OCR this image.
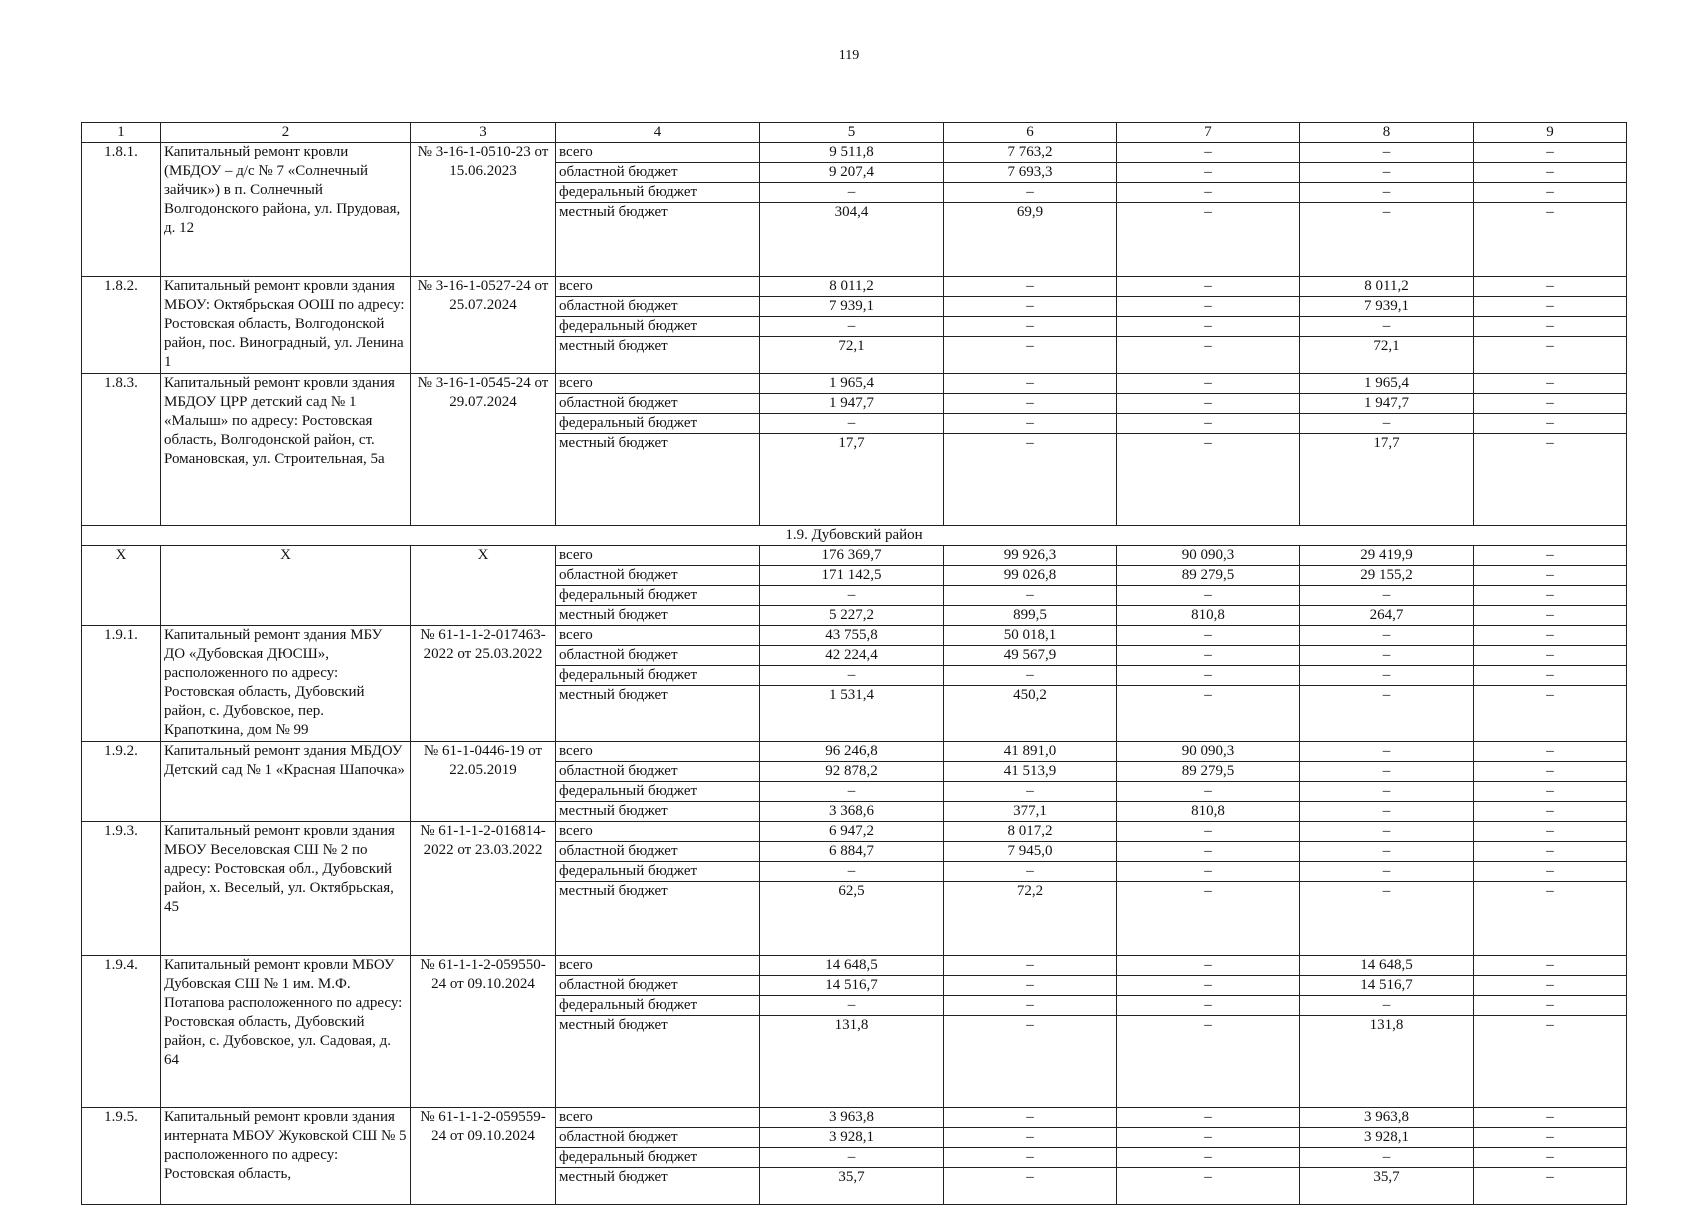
119
1	2	3	4	5	6	7	8	9
1.8.1.	Капитальный ремонт кровли (МБДОУ – д/с № 7 «Солнечный зайчик») в п. Солнечный Волгодонского района, ул. Прудовая, д. 12	№ 3-16-1-0510-23 от 15.06.2023	всего	9 511,8	7 763,2	–	–	–
			областной бюджет	9 207,4	7 693,3	–	–	–
			федеральный бюджет	–	–	–	–	–
			местный бюджет	304,4	69,9	–	–	–
1.8.2.	Капитальный ремонт кровли здания МБОУ: Октябрьская ООШ по адресу: Ростовская область, Волгодонской район, пос. Виноградный, ул. Ленина 1	№ 3-16-1-0527-24 от 25.07.2024	всего	8 011,2	–	–	8 011,2	–
			областной бюджет	7 939,1	–	–	7 939,1	–
			федеральный бюджет	–	–	–	–	–
			местный бюджет	72,1	–	–	72,1	–
1.8.3.	Капитальный ремонт кровли здания МБДОУ ЦРР детский сад № 1 «Малыш» по адресу: Ростовская область, Волгодонской район, ст. Романовская, ул. Строительная, 5а	№ 3-16-1-0545-24 от 29.07.2024	всего	1 965,4	–	–	1 965,4	–
			областной бюджет	1 947,7	–	–	1 947,7	–
			федеральный бюджет	–	–	–	–	–
			местный бюджет	17,7	–	–	17,7	–
1.9. Дубовский район								
Х	Х	Х	всего	176 369,7	99 926,3	90 090,3	29 419,9	–
			областной бюджет	171 142,5	99 026,8	89 279,5	29 155,2	–
			федеральный бюджет	–	–	–	–	–
			местный бюджет	5 227,2	899,5	810,8	264,7	–
1.9.1.	Капитальный ремонт здания МБУ ДО «Дубовская ДЮСШ», расположенного по адресу: Ростовская область, Дубовский район, с. Дубовское, пер. Крапоткина, дом № 99	№ 61-1-1-2-017463-2022 от 25.03.2022	всего	43 755,8	50 018,1	–	–	–
			областной бюджет	42 224,4	49 567,9	–	–	–
			федеральный бюджет	–	–	–	–	–
			местный бюджет	1 531,4	450,2	–	–	–
1.9.2.	Капитальный ремонт здания МБДОУ Детский сад № 1 «Красная Шапочка»	№ 61-1-0446-19 от 22.05.2019	всего	96 246,8	41 891,0	90 090,3	–	–
			областной бюджет	92 878,2	41 513,9	89 279,5	–	–
			федеральный бюджет	–	–	–	–	–
			местный бюджет	3 368,6	377,1	810,8	–	–
1.9.3.	Капитальный ремонт кровли здания МБОУ Веселовская СШ № 2 по адресу: Ростовская обл., Дубовский район, х. Веселый, ул. Октябрьская, 45	№ 61-1-1-2-016814-2022 от 23.03.2022	всего	6 947,2	8 017,2	–	–	–
			областной бюджет	6 884,7	7 945,0	–	–	–
			федеральный бюджет	–	–	–	–	–
			местный бюджет	62,5	72,2	–	–	–
1.9.4.	Капитальный ремонт кровли МБОУ Дубовская СШ № 1 им. М.Ф. Потапова расположенного по адресу: Ростовская область, Дубовский район, с. Дубовское, ул. Садовая, д. 64	№ 61-1-1-2-059550-24 от 09.10.2024	всего	14 648,5	–	–	14 648,5	–
			областной бюджет	14 516,7	–	–	14 516,7	–
			федеральный бюджет	–	–	–	–	–
			местный бюджет	131,8	–	–	131,8	–
1.9.5.	Капитальный ремонт кровли здания интерната МБОУ Жуковской СШ № 5 расположенного по адресу: Ростовская область,	№ 61-1-1-2-059559-24 от 09.10.2024	всего	3 963,8	–	–	3 963,8	–
			областной бюджет	3 928,1	–	–	3 928,1	–
			федеральный бюджет	–	–	–	–	–
			местный бюджет	35,7	–	–	35,7	–
